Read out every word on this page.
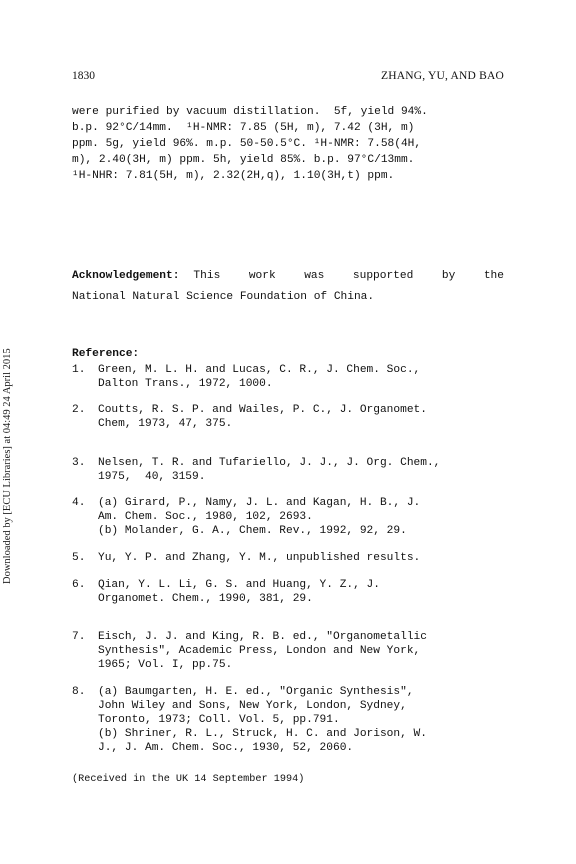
1830	ZHANG, YU, AND BAO
Downloaded by [ECU Libraries] at 04:49 24 April 2015
were purified by vacuum distillation.  5f, yield 94%.
b.p. 92°C/14mm.  ¹H-NMR: 7.85 (5H, m), 7.42 (3H, m)
ppm. 5g, yield 96%. m.p. 50-50.5°C. ¹H-NMR: 7.58(4H,
m), 2.40(3H, m) ppm. 5h, yield 85%. b.p. 97°C/13mm.
¹H-NHR: 7.81(5H, m), 2.32(2H,q), 1.10(3H,t) ppm.
Acknowledgement: This	work	was	supported	by	the
National Natural Science Foundation of China.
Reference:
1. Green, M. L. H. and Lucas, C. R., J. Chem. Soc.,
Dalton Trans., 1972, 1000.
2. Coutts, R. S. P. and Wailes, P. C., J. Organomet.
Chem, 1973, 47, 375.
3. Nelsen, T. R. and Tufariello, J. J., J. Org. Chem.,
1975,  40, 3159.
4. (a) Girard, P., Namy, J. L. and Kagan, H. B., J.
Am. Chem. Soc., 1980, 102, 2693.
(b) Molander, G. A., Chem. Rev., 1992, 92, 29.
5. Yu, Y. P. and Zhang, Y. M., unpublished results.
6. Qian, Y. L. Li, G. S. and Huang, Y. Z., J.
Organomet. Chem., 1990, 381, 29.
7. Eisch, J. J. and King, R. B. ed., "Organometallic
Synthesis", Academic Press, London and New York,
1965; Vol. I, pp.75.
8. (a) Baumgarten, H. E. ed., "Organic Synthesis",
John Wiley and Sons, New York, London, Sydney,
Toronto, 1973; Coll. Vol. 5, pp.791.
(b) Shriner, R. L., Struck, H. C. and Jorison, W.
J., J. Am. Chem. Soc., 1930, 52, 2060.
(Received in the UK 14 September 1994)
